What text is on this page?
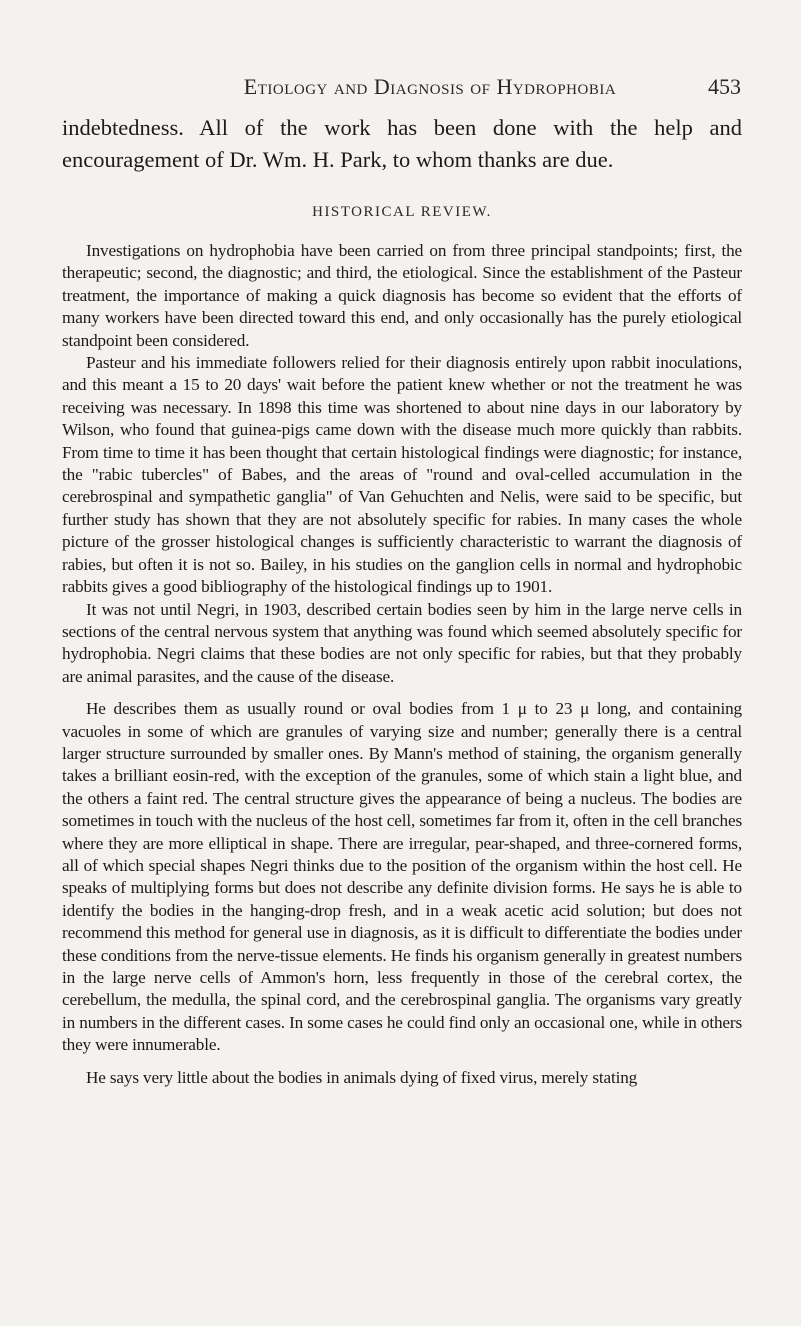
Etiology and Diagnosis of Hydrophobia	453

indebtedness. All of the work has been done with the help and encouragement of Dr. Wm. H. Park, to whom thanks are due.

HISTORICAL REVIEW.

Investigations on hydrophobia have been carried on from three principal standpoints; first, the therapeutic; second, the diagnostic; and third, the etiological. Since the establishment of the Pasteur treatment, the importance of making a quick diagnosis has become so evident that the efforts of many workers have been directed toward this end, and only occasionally has the purely etiological standpoint been considered.

Pasteur and his immediate followers relied for their diagnosis entirely upon rabbit inoculations, and this meant a 15 to 20 days' wait before the patient knew whether or not the treatment he was receiving was necessary. In 1898 this time was shortened to about nine days in our laboratory by Wilson, who found that guinea-pigs came down with the disease much more quickly than rabbits. From time to time it has been thought that certain histological findings were diagnostic; for instance, the "rabic tubercles" of Babes, and the areas of "round and oval-celled accumulation in the cerebrospinal and sympathetic ganglia" of Van Gehuchten and Nelis, were said to be specific, but further study has shown that they are not absolutely specific for rabies. In many cases the whole picture of the grosser histological changes is sufficiently characteristic to warrant the diagnosis of rabies, but often it is not so. Bailey, in his studies on the ganglion cells in normal and hydrophobic rabbits gives a good bibliography of the histological findings up to 1901.

It was not until Negri, in 1903, described certain bodies seen by him in the large nerve cells in sections of the central nervous system that anything was found which seemed absolutely specific for hydrophobia. Negri claims that these bodies are not only specific for rabies, but that they probably are animal parasites, and the cause of the disease.

He describes them as usually round or oval bodies from 1 μ to 23 μ long, and containing vacuoles in some of which are granules of varying size and number; generally there is a central larger structure surrounded by smaller ones. By Mann's method of staining, the organism generally takes a brilliant eosin-red, with the exception of the granules, some of which stain a light blue, and the others a faint red. The central structure gives the appearance of being a nucleus. The bodies are sometimes in touch with the nucleus of the host cell, sometimes far from it, often in the cell branches where they are more elliptical in shape. There are irregular, pear-shaped, and three-cornered forms, all of which special shapes Negri thinks due to the position of the organism within the host cell. He speaks of multiplying forms but does not describe any definite division forms. He says he is able to identify the bodies in the hanging-drop fresh, and in a weak acetic acid solution; but does not recommend this method for general use in diagnosis, as it is difficult to differentiate the bodies under these conditions from the nerve-tissue elements. He finds his organism generally in greatest numbers in the large nerve cells of Ammon's horn, less frequently in those of the cerebral cortex, the cerebellum, the medulla, the spinal cord, and the cerebrospinal ganglia. The organisms vary greatly in numbers in the different cases. In some cases he could find only an occasional one, while in others they were innumerable.

He says very little about the bodies in animals dying of fixed virus, merely stating
